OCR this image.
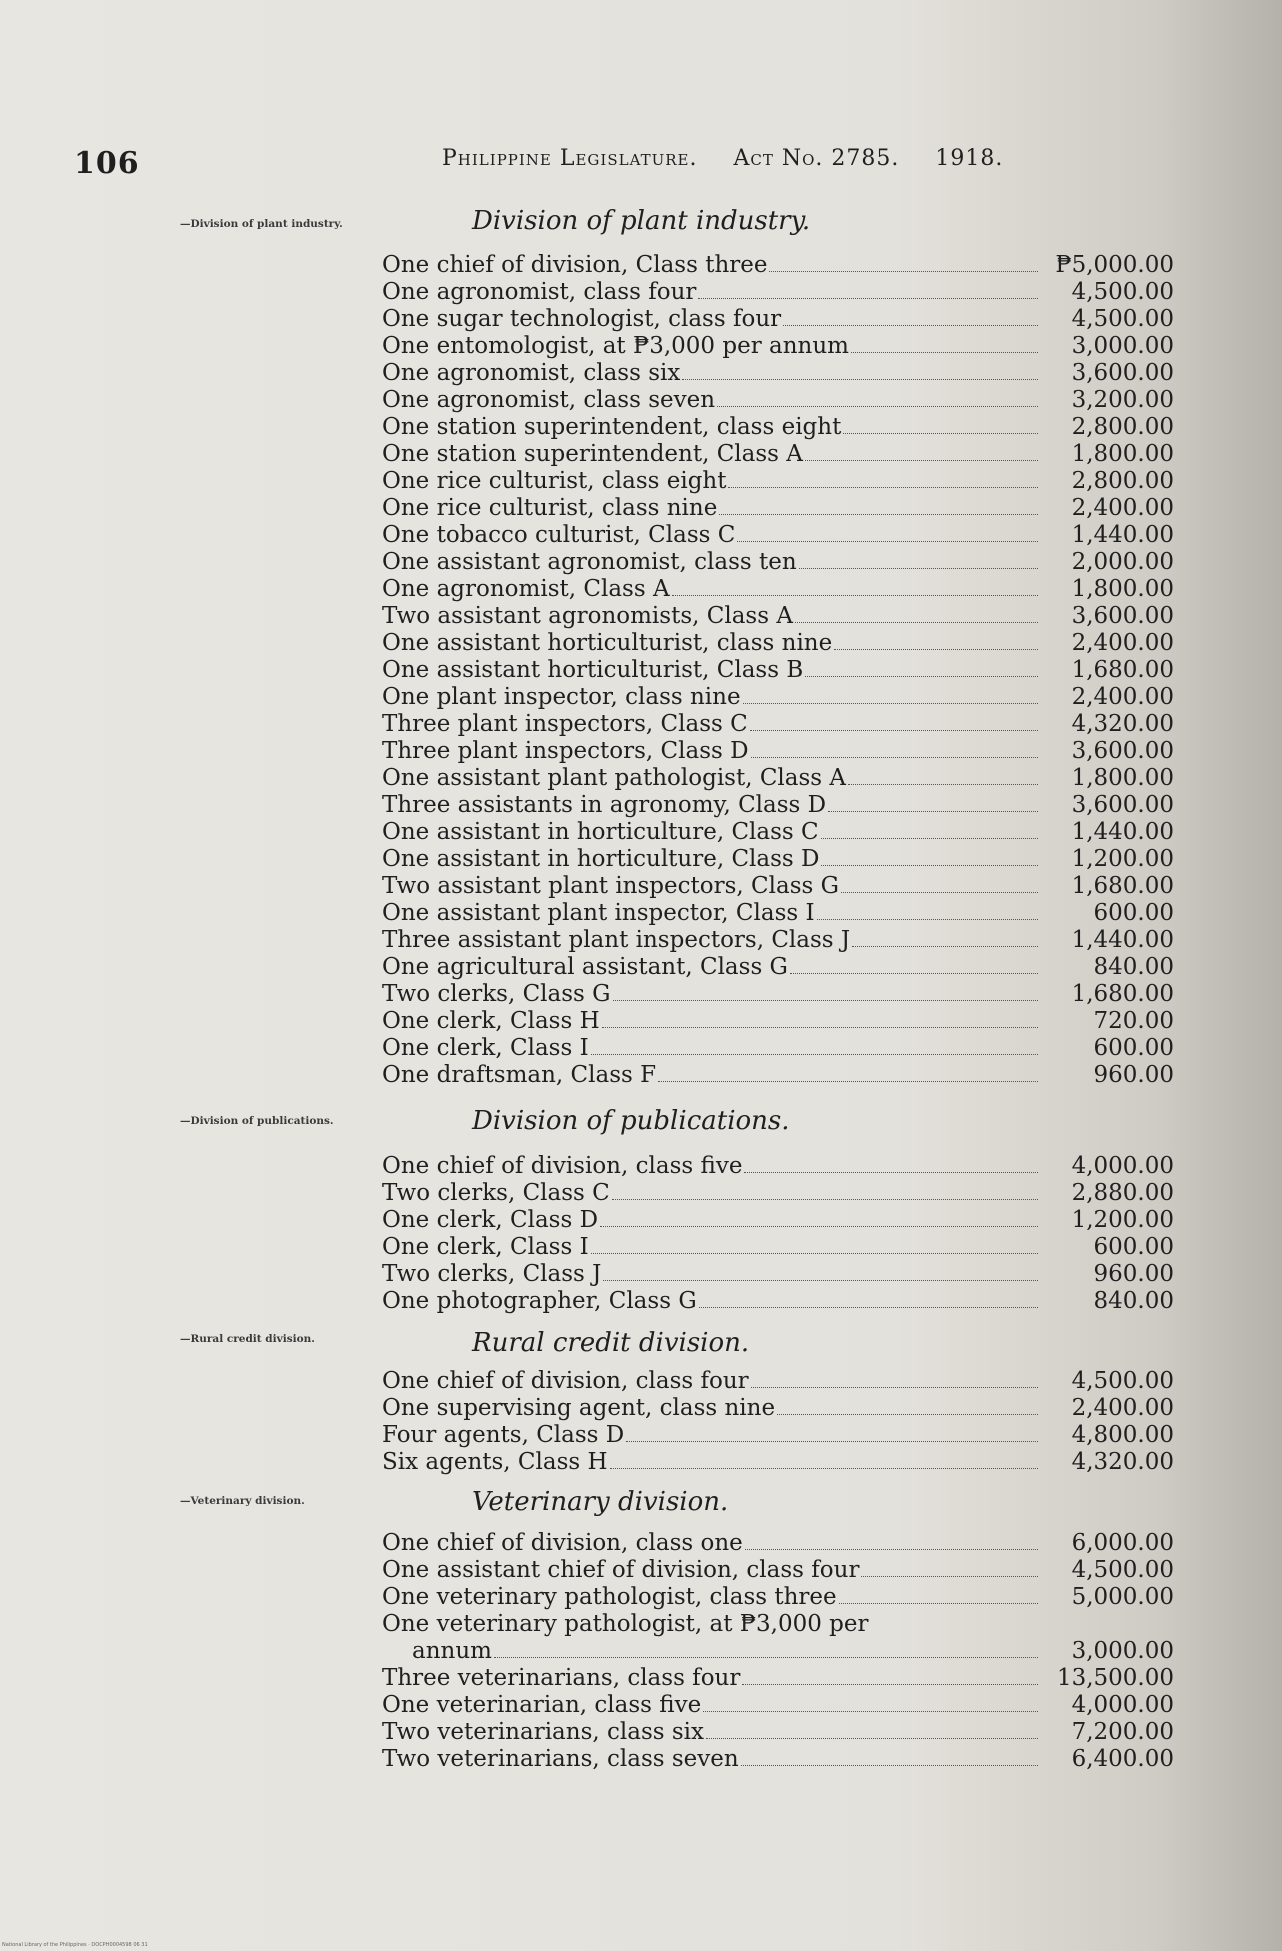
106	Philippine Legislature. Act No. 2785. 1918.
—Division of plant industry.	Division of plant industry.
One chief of division, Class three	₱5,000.00
One agronomist, class four	4,500.00
One sugar technologist, class four	4,500.00
One entomologist, at ₱3,000 per annum	3,000.00
One agronomist, class six	3,600.00
One agronomist, class seven	3,200.00
One station superintendent, class eight	2,800.00
One station superintendent, Class A	1,800.00
One rice culturist, class eight	2,800.00
One rice culturist, class nine	2,400.00
One tobacco culturist, Class C	1,440.00
One assistant agronomist, class ten	2,000.00
One agronomist, Class A	1,800.00
Two assistant agronomists, Class A	3,600.00
One assistant horticulturist, class nine	2,400.00
One assistant horticulturist, Class B	1,680.00
One plant inspector, class nine	2,400.00
Three plant inspectors, Class C	4,320.00
Three plant inspectors, Class D	3,600.00
One assistant plant pathologist, Class A	1,800.00
Three assistants in agronomy, Class D	3,600.00
One assistant in horticulture, Class C	1,440.00
One assistant in horticulture, Class D	1,200.00
Two assistant plant inspectors, Class G	1,680.00
One assistant plant inspector, Class I	600.00
Three assistant plant inspectors, Class J	1,440.00
One agricultural assistant, Class G	840.00
Two clerks, Class G	1,680.00
One clerk, Class H	720.00
One clerk, Class I	600.00
One draftsman, Class F	960.00
—Division of publications.	Division of publications.
One chief of division, class five	4,000.00
Two clerks, Class C	2,880.00
One clerk, Class D	1,200.00
One clerk, Class I	600.00
Two clerks, Class J	960.00
One photographer, Class G	840.00
—Rural credit division.	Rural credit division.
One chief of division, class four	4,500.00
One supervising agent, class nine	2,400.00
Four agents, Class D	4,800.00
Six agents, Class H	4,320.00
—Veterinary division.	Veterinary division.
One chief of division, class one	6,000.00
One assistant chief of division, class four	4,500.00
One veterinary pathologist, class three	5,000.00
One veterinary pathologist, at ₱3,000 per
annum	3,000.00
Three veterinarians, class four	13,500.00
One veterinarian, class five	4,000.00
Two veterinarians, class six	7,200.00
Two veterinarians, class seven	6,400.00
National Library of the Philippines · DOCPH0004598 06 31
